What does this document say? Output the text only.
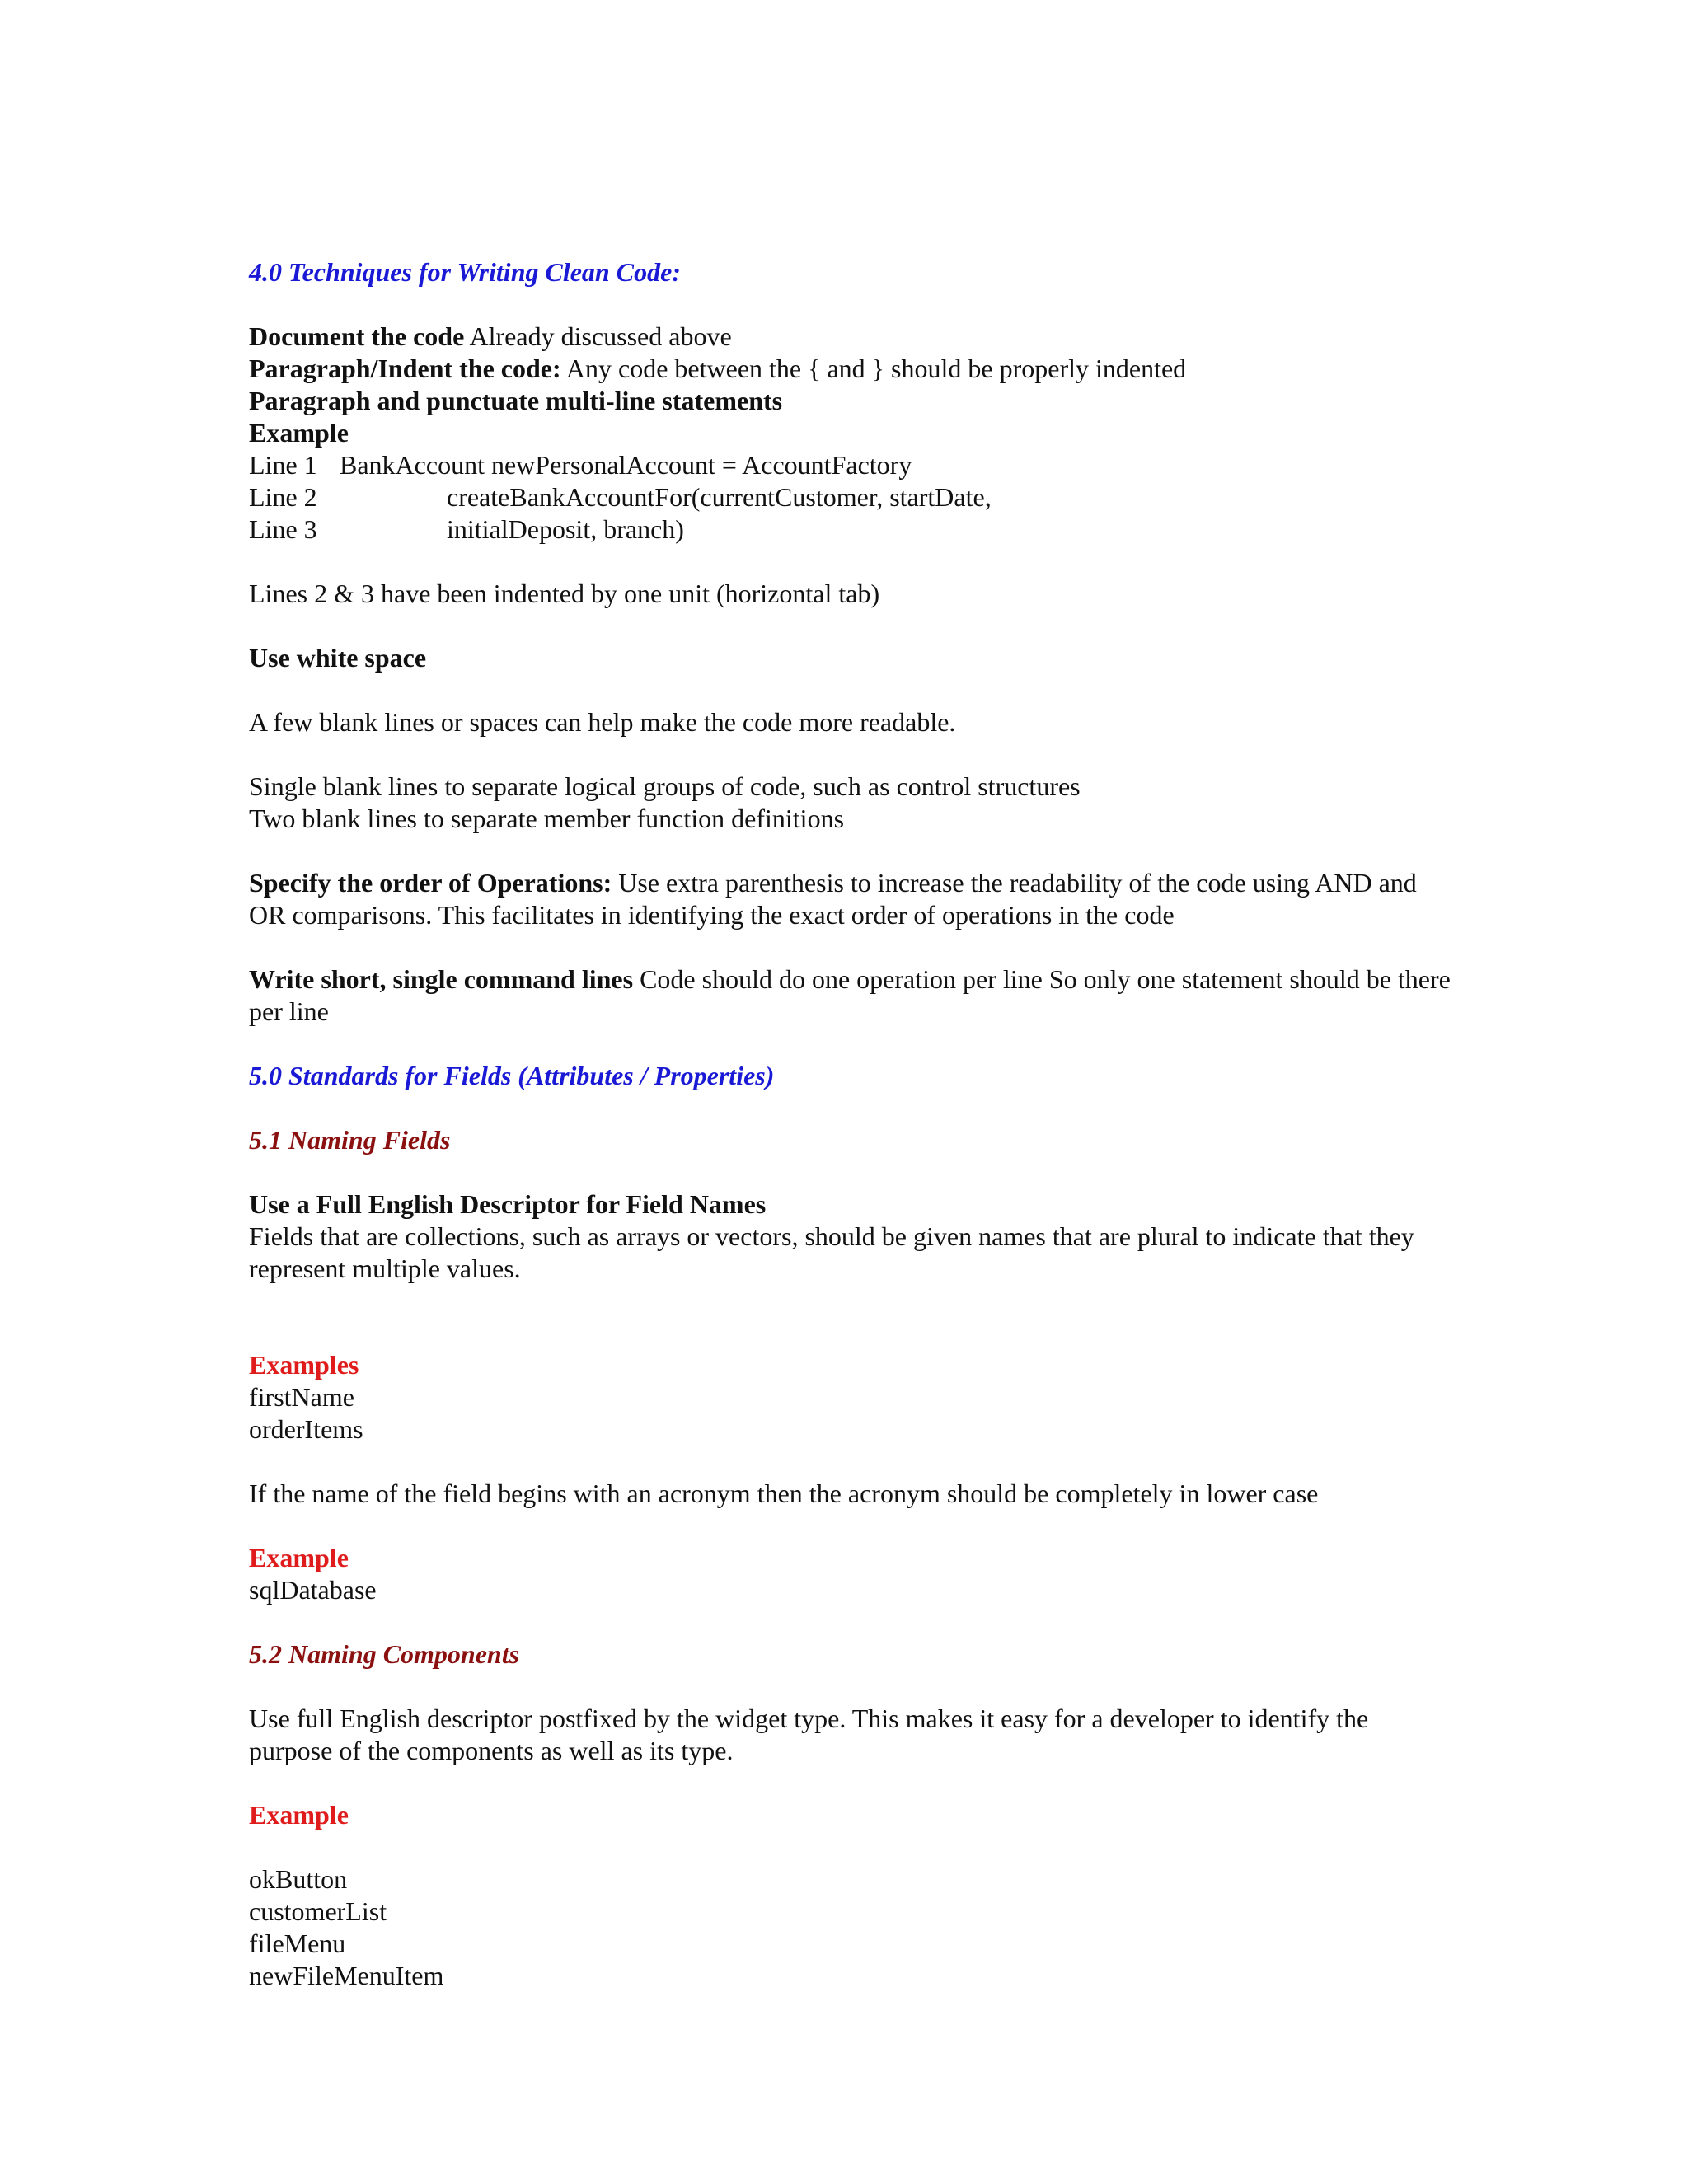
4.0 Techniques for Writing Clean Code:
Document the code Already discussed above
Paragraph/Indent the code: Any code between the { and } should be properly indented
Paragraph and punctuate multi-line statements
Example
Line 1 BankAccount newPersonalAccount = AccountFactory
Line 2	createBankAccountFor(currentCustomer, startDate,
Line 3	initialDeposit, branch)
Lines 2 & 3 have been indented by one unit (horizontal tab)
Use white space
A few blank lines or spaces can help make the code more readable.
Single blank lines to separate logical groups of code, such as control structures
Two blank lines to separate member function definitions
Specify the order of Operations: Use extra parenthesis to increase the readability of the code using AND and OR comparisons. This facilitates in identifying the exact order of operations in the code
Write short, single command lines Code should do one operation per line So only one statement should be there per line
5.0 Standards for Fields (Attributes / Properties)
5.1 Naming Fields
Use a Full English Descriptor for Field Names
Fields that are collections, such as arrays or vectors, should be given names that are plural to indicate that they represent multiple values.
Examples
firstName
orderItems
If the name of the field begins with an acronym then the acronym should be completely in lower case
Example
sqlDatabase
5.2 Naming Components
Use full English descriptor postfixed by the widget type. This makes it easy for a developer to identify the purpose of the components as well as its type.
Example
okButton
customerList
fileMenu
newFileMenuItem
